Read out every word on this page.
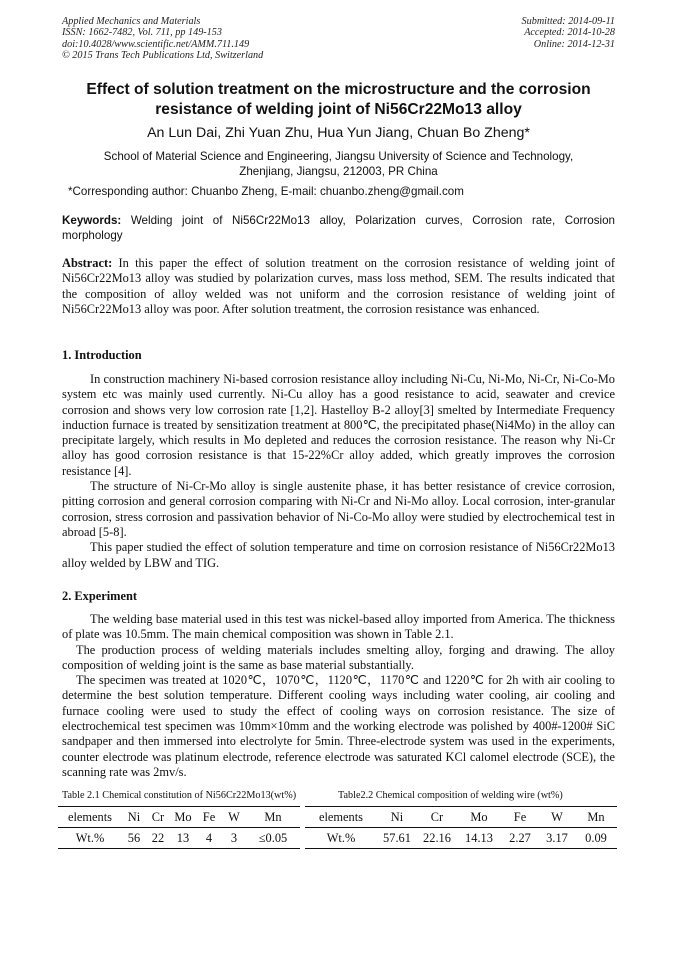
Applied Mechanics and Materials
ISSN: 1662-7482, Vol. 711, pp 149-153
doi:10.4028/www.scientific.net/AMM.711.149
© 2015 Trans Tech Publications Ltd, Switzerland
Submitted: 2014-09-11
Accepted: 2014-10-28
Online: 2014-12-31
Effect of solution treatment on the microstructure and the corrosion
resistance of welding joint of Ni56Cr22Mo13 alloy
An Lun Dai, Zhi Yuan Zhu, Hua Yun Jiang, Chuan Bo Zheng*
School of Material Science and Engineering, Jiangsu University of Science and Technology,
Zhenjiang, Jiangsu, 212003, PR China
*Corresponding author: Chuanbo Zheng, E-mail: chuanbo.zheng@gmail.com
Keywords: Welding joint of Ni56Cr22Mo13 alloy, Polarization curves, Corrosion rate, Corrosion morphology
Abstract: In this paper the effect of solution treatment on the corrosion resistance of welding joint of Ni56Cr22Mo13 alloy was studied by polarization curves, mass loss method, SEM. The results indicated that the composition of alloy welded was not uniform and the corrosion resistance of welding joint of Ni56Cr22Mo13 alloy was poor. After solution treatment, the corrosion resistance was enhanced.
1. Introduction

In construction machinery Ni-based corrosion resistance alloy including Ni-Cu, Ni-Mo, Ni-Cr, Ni-Co-Mo system etc was mainly used currently. Ni-Cu alloy has a good resistance to acid, seawater and crevice corrosion and shows very low corrosion rate [1,2]. Hastelloy B-2 alloy[3] smelted by Intermediate Frequency induction furnace is treated by sensitization treatment at 800℃, the precipitated phase(Ni4Mo) in the alloy can precipitate largely, which results in Mo depleted and reduces the corrosion resistance. The reason why Ni-Cr alloy has good corrosion resistance is that 15-22%Cr alloy added, which greatly improves the corrosion resistance [4].

The structure of Ni-Cr-Mo alloy is single austenite phase, it has better resistance of crevice corrosion, pitting corrosion and general corrosion comparing with Ni-Cr and Ni-Mo alloy. Local corrosion, inter-granular corrosion, stress corrosion and passivation behavior of Ni-Co-Mo alloy were studied by electrochemical test in abroad [5-8].

This paper studied the effect of solution temperature and time on corrosion resistance of Ni56Cr22Mo13 alloy welded by LBW and TIG.

2. Experiment

The welding base material used in this test was nickel-based alloy imported from America. The thickness of plate was 10.5mm. The main chemical composition was shown in Table 2.1.

The production process of welding materials includes smelting alloy, forging and drawing. The alloy composition of welding joint is the same as base material substantially.

The specimen was treated at 1020℃，1070℃，1120℃，1170℃ and 1220℃ for 2h with air cooling to determine the best solution temperature. Different cooling ways including water cooling, air cooling and furnace cooling were used to study the effect of cooling ways on corrosion resistance. The size of electrochemical test specimen was 10mm×10mm and the working electrode was polished by 400#-1200# SiC sandpaper and then immersed into electrolyte for 5min. Three-electrode system was used in the experiments, counter electrode was platinum electrode, reference electrode was saturated KCl calomel electrode (SCE), the scanning rate was 2mv/s.

Table 2.1 Chemical constitution of Ni56Cr22Mo13(wt%)	Table2.2 Chemical composition of welding wire (wt%)
elements	Ni	Cr	Mo	Fe	W	Mn
Wt.%	56	22	13	4	3	≤0.05
elements	Ni	Cr	Mo	Fe	W	Mn
Wt.%	57.61	22.16	14.13	2.27	3.17	0.09
